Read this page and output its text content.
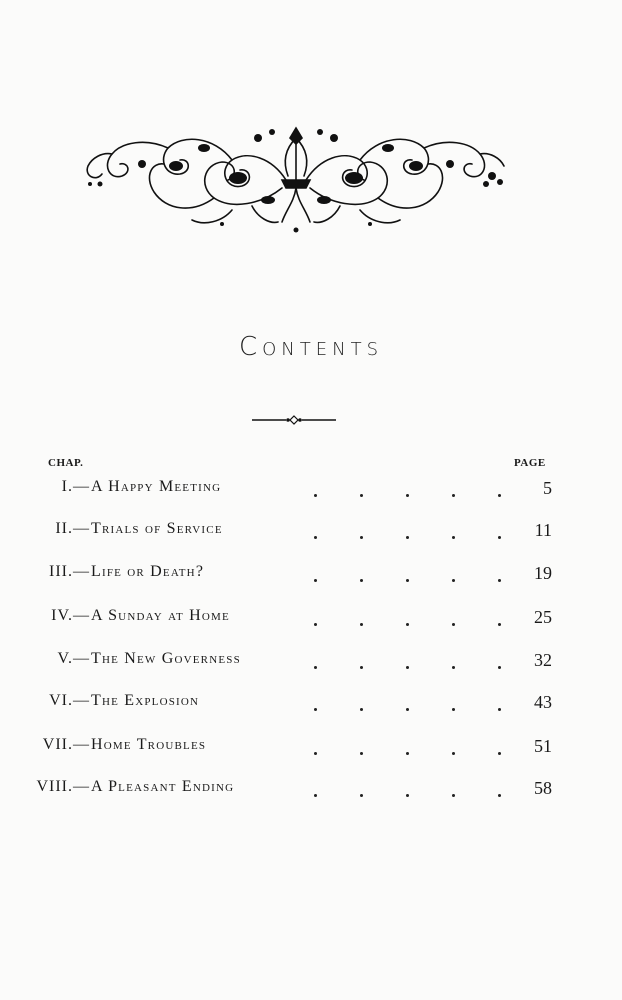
Contents
CHAP.	PAGE
I.— A Happy Meeting	5
II.— Trials of Service	11
III.— Life or Death?	19
IV.— A Sunday at Home	25
V.— The New Governess	32
VI.— The Explosion	43
VII.— Home Troubles	51
VIII.— A Pleasant Ending	58
